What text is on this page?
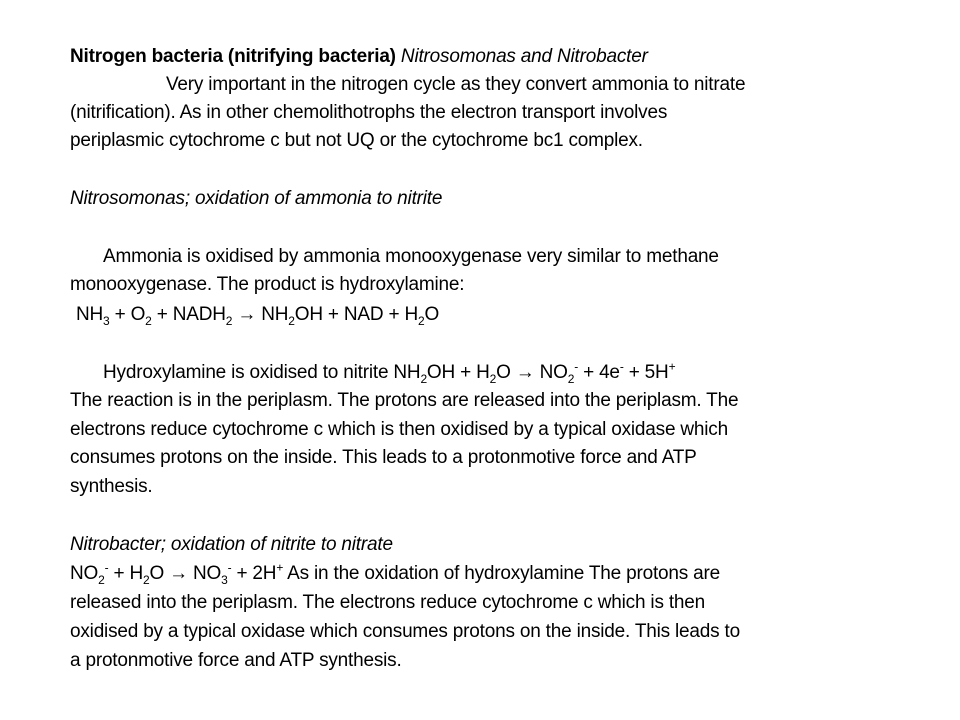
Nitrogen bacteria (nitrifying bacteria) Nitrosomonas and Nitrobacter
Very important in the nitrogen cycle as they convert ammonia to nitrate
(nitrification). As in other chemolithotrophs the electron transport involves
periplasmic cytochrome c but not UQ or the cytochrome bc1 complex.
Nitrosomonas; oxidation of ammonia to nitrite
Ammonia is oxidised by ammonia monooxygenase very similar to methane
monooxygenase. The product is hydroxylamine:
$NH_3 + O_2$ + $NADH_2 \to NH_2OH$ + NAD + $H_2O$
Hydroxylamine is oxidised to nitrite $NH_2OH + H_2O \to NO_2^- + 4e^- + 5H^+$
The reaction is in the periplasm. The protons are released into the periplasm. The
electrons reduce cytochrome c which is then oxidised by a typical oxidase which
consumes protons on the inside. This leads to a protonmotive force and ATP
synthesis.
Nitrobacter; oxidation of nitrite to nitrate
$NO_2^- + H_2O \to NO_3^- + 2H^+$ As in the oxidation of hydroxylamine The protons are
released into the periplasm. The electrons reduce cytochrome c which is then
oxidised by a typical oxidase which consumes protons on the inside. This leads to
a protonmotive force and ATP synthesis.
